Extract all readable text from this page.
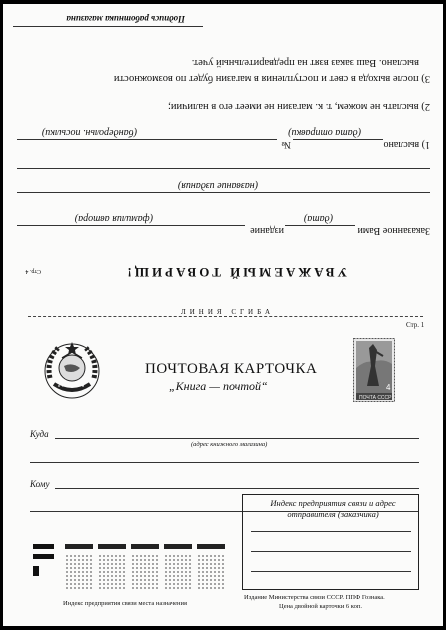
УВАЖАЕМЫЙ ТОВАРИЩ!
Стр. 4
Заказанное Вами
издание
(дата)
(фамилия автора)
(название издания)
1) выслано
№
(дата отправки)
(бандерольн. посылки)
2) выслать не можем, т. к. магазин не имеет его в наличии;
3) после выхода в свет и поступления в магазин будет по возможности
выслано. Ваш заказ взят на предварительный учет.
Подпись работника магазина
ЛИНИЯ СГИБА
Стр. 1
ПОЧТОВАЯ КАРТОЧКА
„Книга — почтой“
ПОЧТА СССР
4
Куда
(адрес книжного магазина)
Кому
Индекс предприятия связи и адрес отправителя (заказчика)
Индекс предприятия связи места назначения
Издание Министерства связи СССР. ППФ Гознака.
Цена двойной карточки 6 коп.
